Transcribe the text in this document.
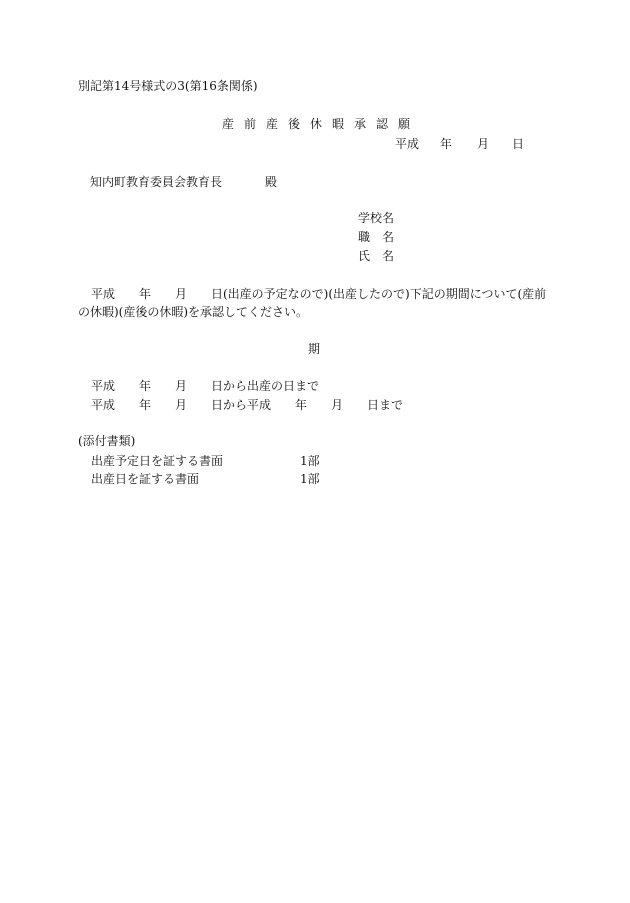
別記第14号様式の3(第16条関係)
産前産後休暇承認願
平成 年 月 日
知内町教育委員会教育長	殿
学校名
職　名
氏　名
平成　　年　　月　　日(出産の予定なので)(出産したので)下記の期間について(産前
の休暇)(産後の休暇)を承認してください。
期
平成　　年　　月　　日から出産の日まで
平成　　年　　月　　日から平成　　年　　月　　日まで
(添付書類)
出産予定日を証する書面	1部
出産日を証する書面	1部
